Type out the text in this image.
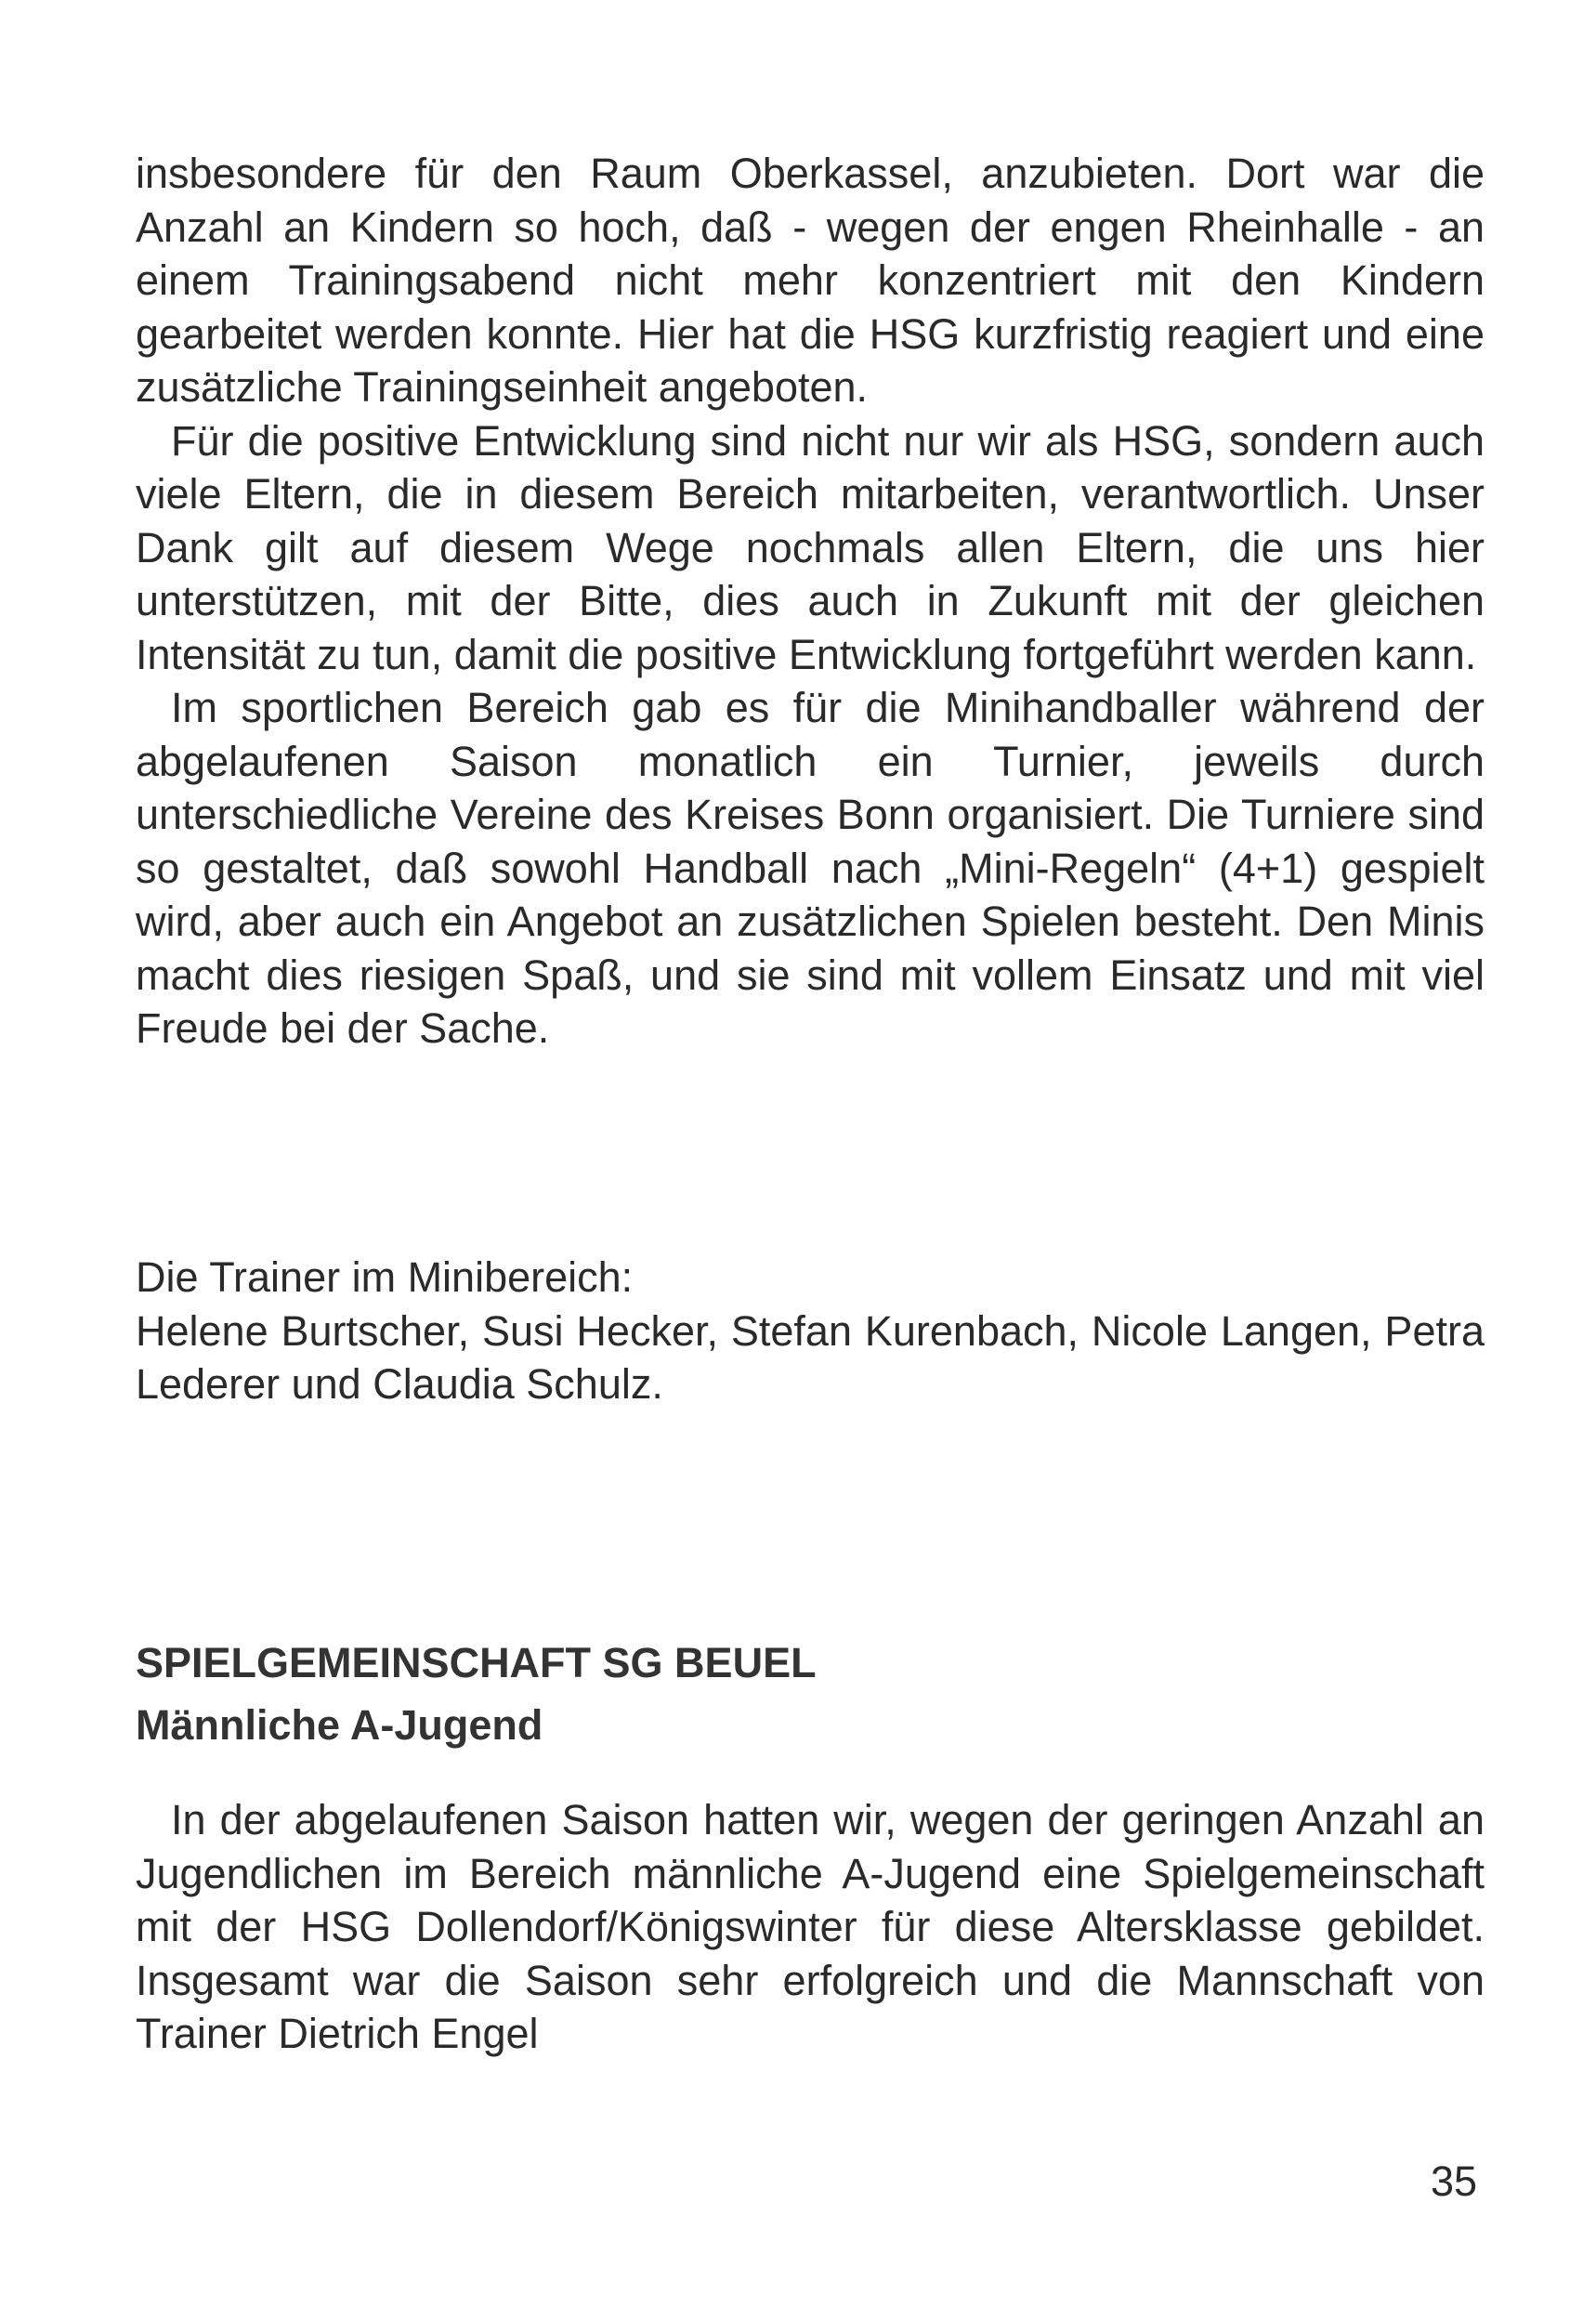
insbesondere für den Raum Oberkassel, anzubieten. Dort war die Anzahl an Kindern so hoch, daß - wegen der engen Rheinhalle - an einem Trainingsabend nicht mehr konzentriert mit den Kindern gearbeitet werden konnte. Hier hat die HSG kurzfristig reagiert und eine zusätzliche Trainingseinheit angeboten.

Für die positive Entwicklung sind nicht nur wir als HSG, sondern auch viele Eltern, die in diesem Bereich mitarbeiten, verantwortlich. Unser Dank gilt auf diesem Wege nochmals allen Eltern, die uns hier unterstützen, mit der Bitte, dies auch in Zukunft mit der gleichen Intensität zu tun, damit die positive Entwicklung fortgeführt werden kann.

Im sportlichen Bereich gab es für die Minihandballer während der abgelaufenen Saison monatlich ein Turnier, jeweils durch unterschiedliche Vereine des Kreises Bonn organisiert. Die Turniere sind so gestaltet, daß sowohl Handball nach „Mini-Regeln“ (4+1) gespielt wird, aber auch ein Angebot an zusätzlichen Spielen besteht. Den Minis macht dies riesigen Spaß, und sie sind mit vollem Einsatz und mit viel Freude bei der Sache.

Die Trainer im Minibereich:

Helene Burtscher, Susi Hecker, Stefan Kurenbach, Nicole Langen, Petra Lederer und Claudia Schulz.

SPIELGEMEINSCHAFT SG BEUEL
Männliche A-Jugend

In der abgelaufenen Saison hatten wir, wegen der geringen Anzahl an Jugendlichen im Bereich männliche A-Jugend eine Spielgemeinschaft mit der HSG Dollendorf/Königswinter für diese Altersklasse gebildet. Insgesamt war die Saison sehr erfolgreich und die Mannschaft von Trainer Dietrich Engel

35
